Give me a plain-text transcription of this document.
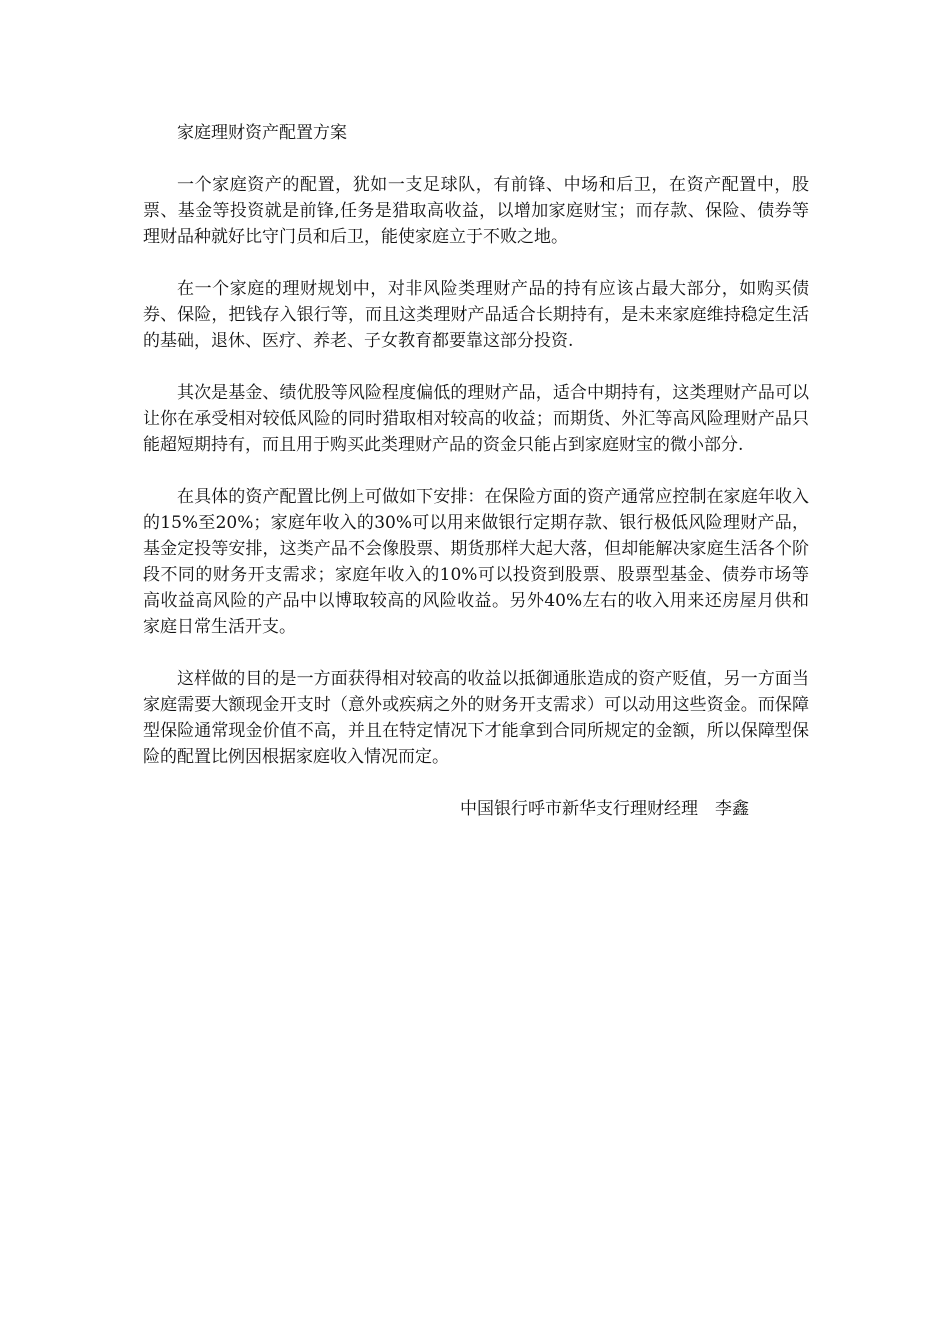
家庭理财资产配置方案

一个家庭资产的配置，犹如一支足球队，有前锋、中场和后卫，在资产配置中，股票、基金等投资就是前锋,任务是猎取高收益，以增加家庭财宝；而存款、保险、债券等理财品种就好比守门员和后卫，能使家庭立于不败之地。

在一个家庭的理财规划中，对非风险类理财产品的持有应该占最大部分，如购买债券、保险，把钱存入银行等，而且这类理财产品适合长期持有，是未来家庭维持稳定生活的基础，退休、医疗、养老、子女教育都要靠这部分投资.

其次是基金、绩优股等风险程度偏低的理财产品，适合中期持有，这类理财产品可以让你在承受相对较低风险的同时猎取相对较高的收益；而期货、外汇等高风险理财产品只能超短期持有，而且用于购买此类理财产品的资金只能占到家庭财宝的微小部分.

在具体的资产配置比例上可做如下安排：在保险方面的资产通常应控制在家庭年收入的15%至20%；家庭年收入的30%可以用来做银行定期存款、银行极低风险理财产品，基金定投等安排，这类产品不会像股票、期货那样大起大落，但却能解决家庭生活各个阶段不同的财务开支需求；家庭年收入的10%可以投资到股票、股票型基金、债券市场等高收益高风险的产品中以博取较高的风险收益。另外40%左右的收入用来还房屋月供和家庭日常生活开支。

这样做的目的是一方面获得相对较高的收益以抵御通胀造成的资产贬值，另一方面当家庭需要大额现金开支时（意外或疾病之外的财务开支需求）可以动用这些资金。而保障型保险通常现金价值不高，并且在特定情况下才能拿到合同所规定的金额，所以保障型保险的配置比例因根据家庭收入情况而定。

中国银行呼市新华支行理财经理　李鑫
